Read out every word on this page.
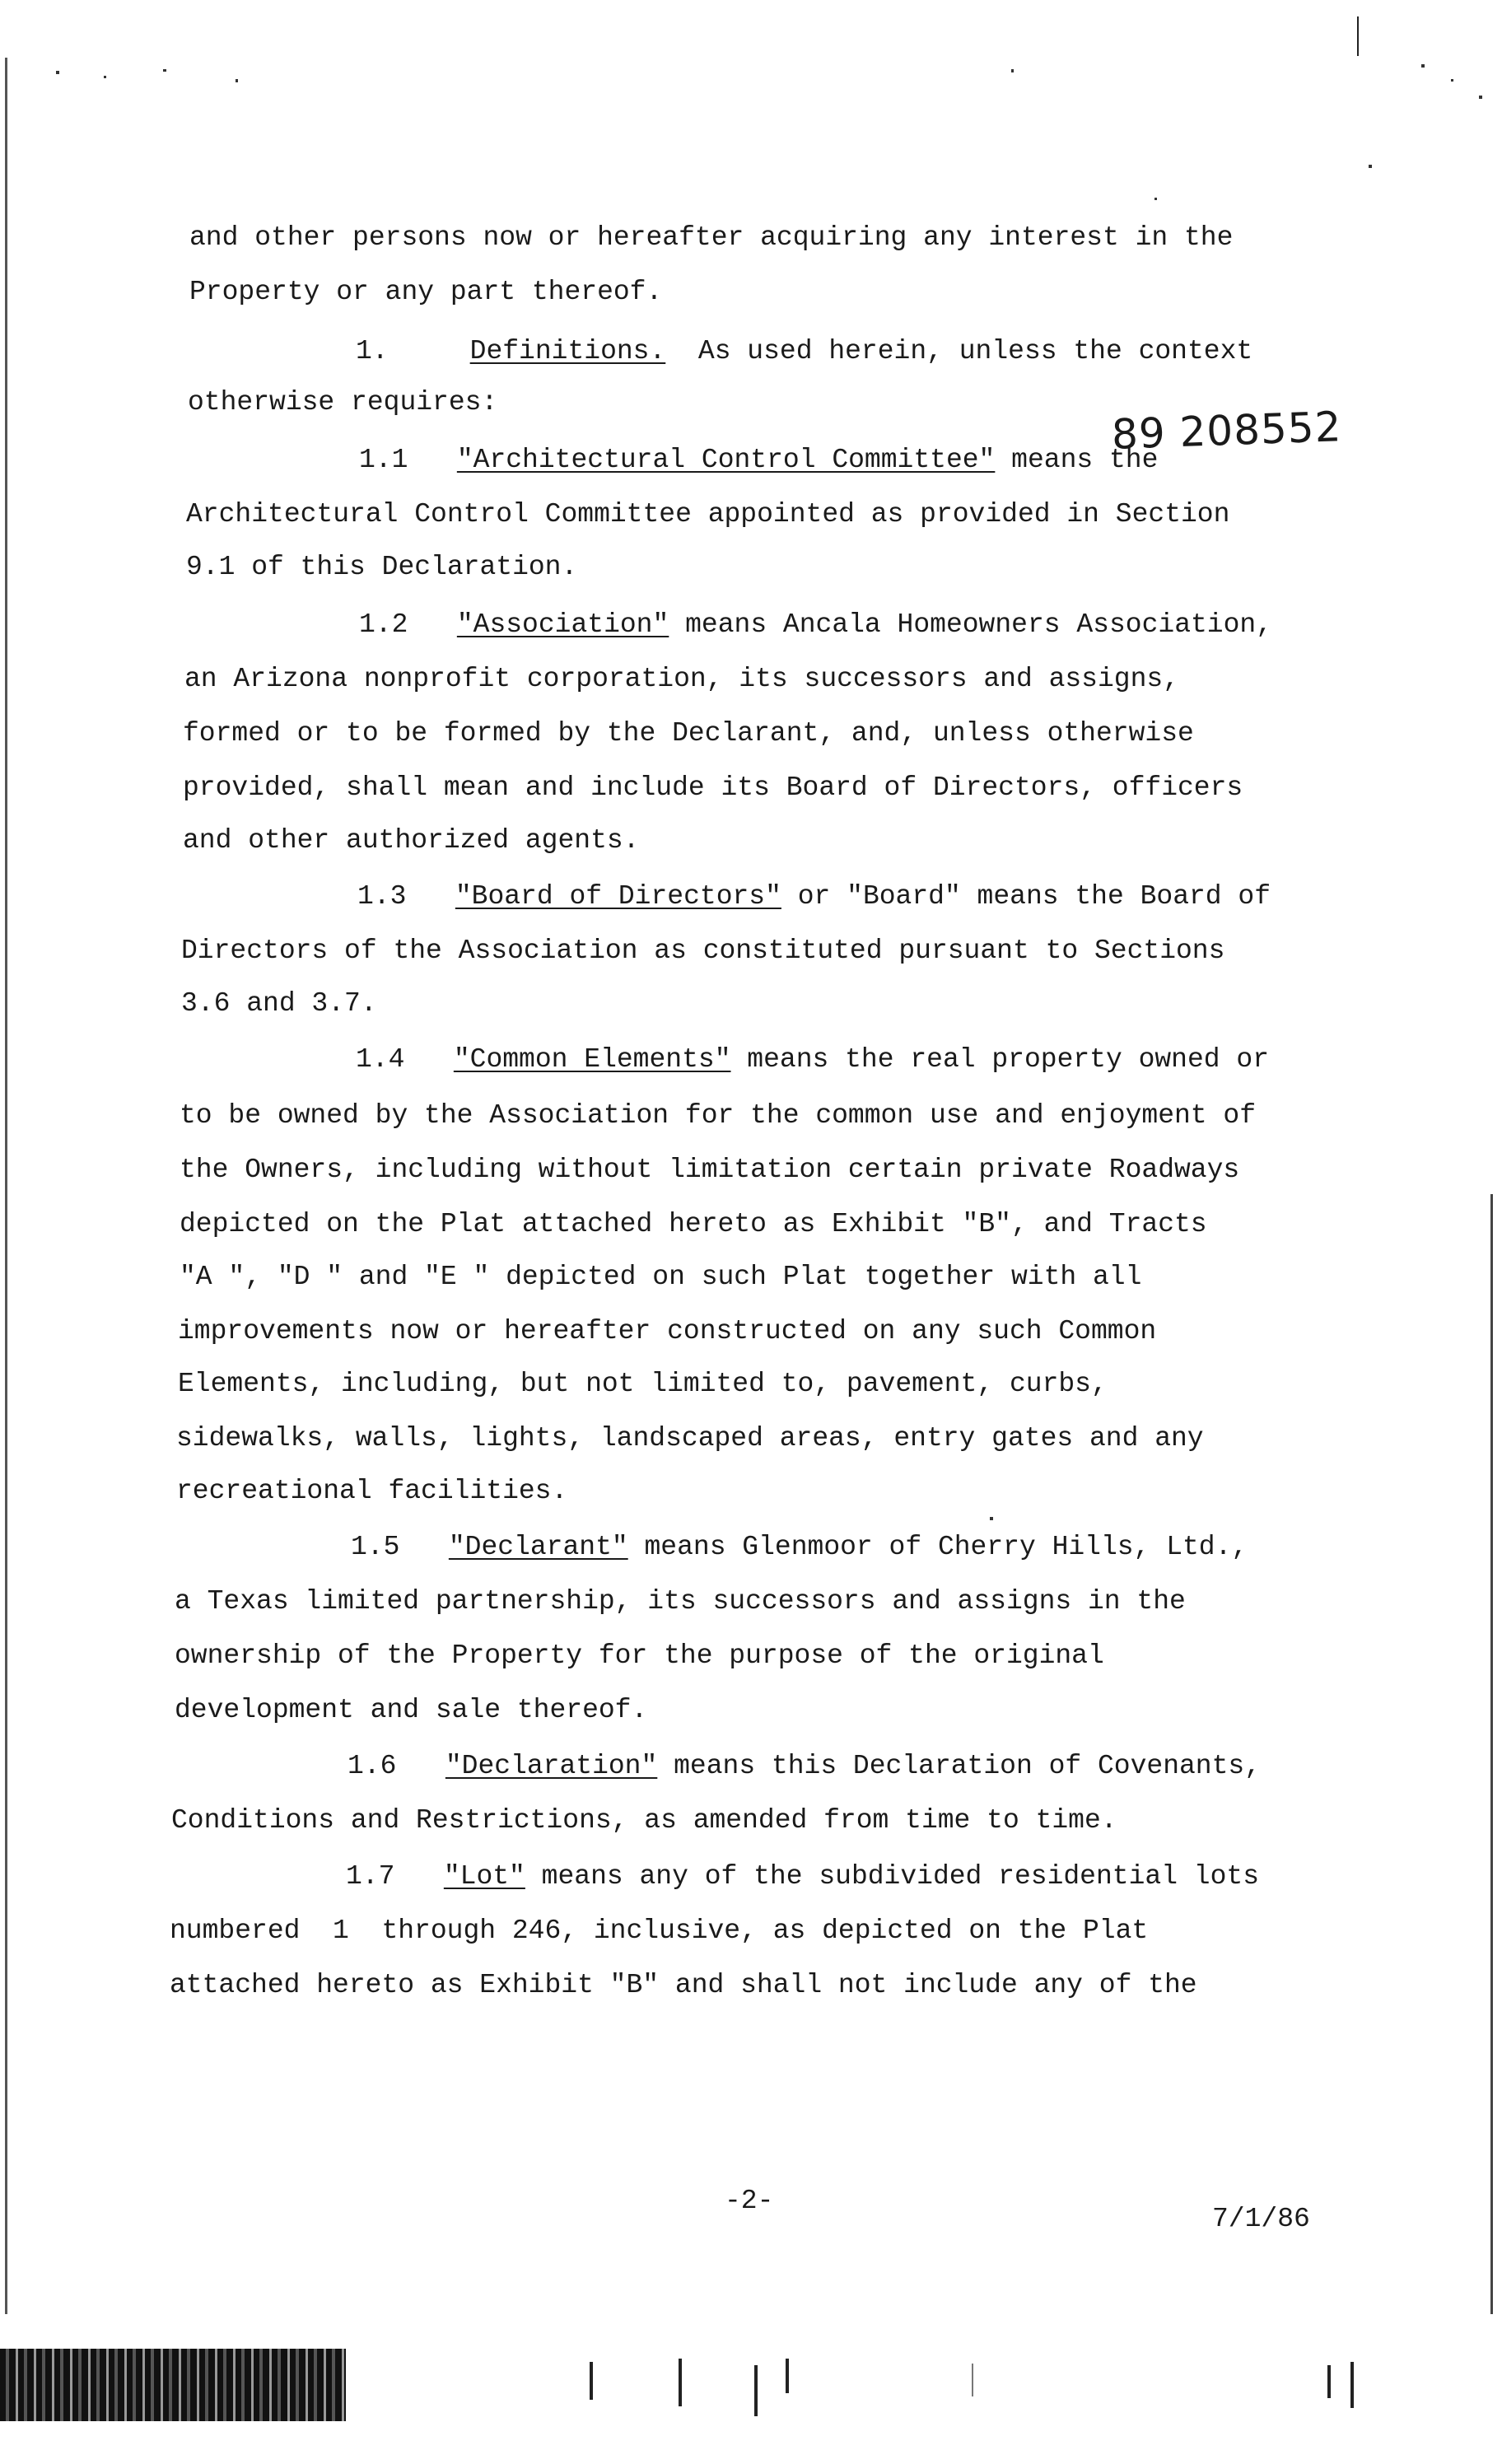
89 208552
and other persons now or hereafter acquiring any interest in the
Property or any part thereof.
1.	Definitions.  As used herein, unless the context
otherwise requires:
1.1 "Architectural Control Committee" means the
Architectural Control Committee appointed as provided in Section
9.1 of this Declaration.
1.2 "Association" means Ancala Homeowners Association,
an Arizona nonprofit corporation, its successors and assigns,
formed or to be formed by the Declarant, and, unless otherwise
provided, shall mean and include its Board of Directors, officers
and other authorized agents.
1.3 "Board of Directors" or "Board" means the Board of
Directors of the Association as constituted pursuant to Sections
3.6 and 3.7.
1.4 "Common Elements" means the real property owned or
to be owned by the Association for the common use and enjoyment of
the Owners, including without limitation certain private Roadways
depicted on the Plat attached hereto as Exhibit "B", and Tracts
"A ", "D " and "E " depicted on such Plat together with all
improvements now or hereafter constructed on any such Common
Elements, including, but not limited to, pavement, curbs,
sidewalks, walls, lights, landscaped areas, entry gates and any
recreational facilities.
1.5 "Declarant" means Glenmoor of Cherry Hills, Ltd.,
a Texas limited partnership, its successors and assigns in the
ownership of the Property for the purpose of the original
development and sale thereof.
1.6 "Declaration" means this Declaration of Covenants,
Conditions and Restrictions, as amended from time to time.
1.7 "Lot" means any of the subdivided residential lots
numbered  1  through 246, inclusive, as depicted on the Plat
attached hereto as Exhibit "B" and shall not include any of the
-2-
7/1/86
